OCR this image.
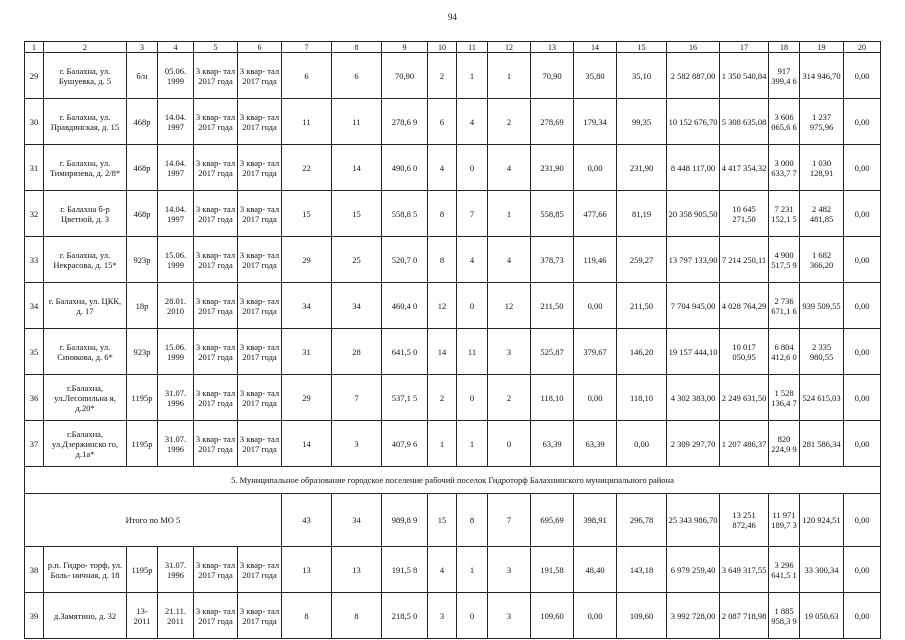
94
1	2	3	4	5	6	7	8	9	10	11	12	13	14	15	16	17	18	19	20
29	г. Балахна, ул. Бушуевка, д. 5	б/н	05.06. 1999	3 квар- тал 2017 года	3 квар- тал 2017 года	6	6	70,90	2	1	1	70,90	35,80	35,10	2 582 887,00	1 350 540,84	917 399,4 6	314 946,70	0,00
30	г. Балахна, ул. Правдинская, д. 15	468р	14.04. 1997	3 квар- тал 2017 года	3 квар- тал 2017 года	11	11	278,6 9	6	4	2	278,69	179,34	99,35	10 152 676,70	5 308 635,08	3 606 065,6 6	1 237 975,96	0,00
31	г. Балахна, ул. Тимирязева, д. 2/8*	468р	14.04. 1997	3 квар- тал 2017 года	3 квар- тал 2017 года	22	14	490,6 0	4	0	4	231,90	0,00	231,90	8 448 117,00	4 417 354,32	3 000 633,7 7	1 030 128,91	0,00
32	г. Балахна б-р Цветной, д. 3	468р	14.04. 1997	3 квар- тал 2017 года	3 квар- тал 2017 года	15	15	558,8 5	8	7	1	558,85	477,66	81,19	20 358 905,50	10 645 271,50	7 231 152,1 5	2 482 481,85	0,00
33	г. Балахна, ул. Некрасова, д. 15*	923р	15.06. 1999	3 квар- тал 2017 года	3 квар- тал 2017 года	29	25	520,7 0	8	4	4	378,73	119,46	259,27	13 797 133,90	7 214 250,11	4 900 517,5 9	1 682 366,20	0,00
34	г. Балахна, ул. ЦКК, д. 17	18р	28.01. 2010	3 квар- тал 2017 года	3 квар- тал 2017 года	34	34	460,4 0	12	0	12	211,50	0,00	211,50	7 704 945,00	4 028 764,29	2 736 671,1 6	939 509,55	0,00
35	г. Балахна, ул. Синякова, д. 6*	923р	15.06. 1999	3 квар- тал 2017 года	3 квар- тал 2017 года	31	28	641,5 0	14	11	3	525,87	379,67	146,20	19 157 444,10	10 017 050,95	6 804 412,6 0	2 335 980,55	0,00
36	г.Балахна, ул.Лесопильна я, д.20*	1195р	31.07. 1996	3 квар- тал 2017 года	3 квар- тал 2017 года	29	7	537,1 5	2	0	2	118,10	0,00	118,10	4 302 383,00	2 249 631,50	1 528 136,4 7	524 615,03	0,00
37	г.Балахна, ул.Дзержинско го, д.1а*	1195р	31.07. 1996	3 квар- тал 2017 года	3 квар- тал 2017 года	14	3	407,9 6	1	1	0	63,39	63,39	0,00	2 309 297,70	1 207 486,37	820 224,9 9	281 586,34	0,00
5. Муниципальное образование городское поселение рабочий поселок Гидроторф Балахнинского муниципального района																			
Итого по МО 5						43	34	989,8 9	15	8	7	695,69	398,91	296,78	25 343 986,70	13 251 872,46	11 971 189,7 3	120 924,51	0,00
38	р.п. Гидро- торф, ул. Боль- ничная, д. 18	1195р	31.07. 1996	3 квар- тал 2017 года	3 квар- тал 2017 года	13	13	191,5 8	4	1	3	191,58	48,40	143,18	6 979 259,40	3 649 317,55	3 296 641,5 1	33 300,34	0,00
39	д.Замятино, д. 32	13- 2011	21.11. 2011	3 квар- тал 2017 года	3 квар- тал 2017 года	8	8	218,5 0	3	0	3	109,60	0,00	109,60	3 992 728,00	2 087 718,98	1 885 958,3 9	19 050,63	0,00
